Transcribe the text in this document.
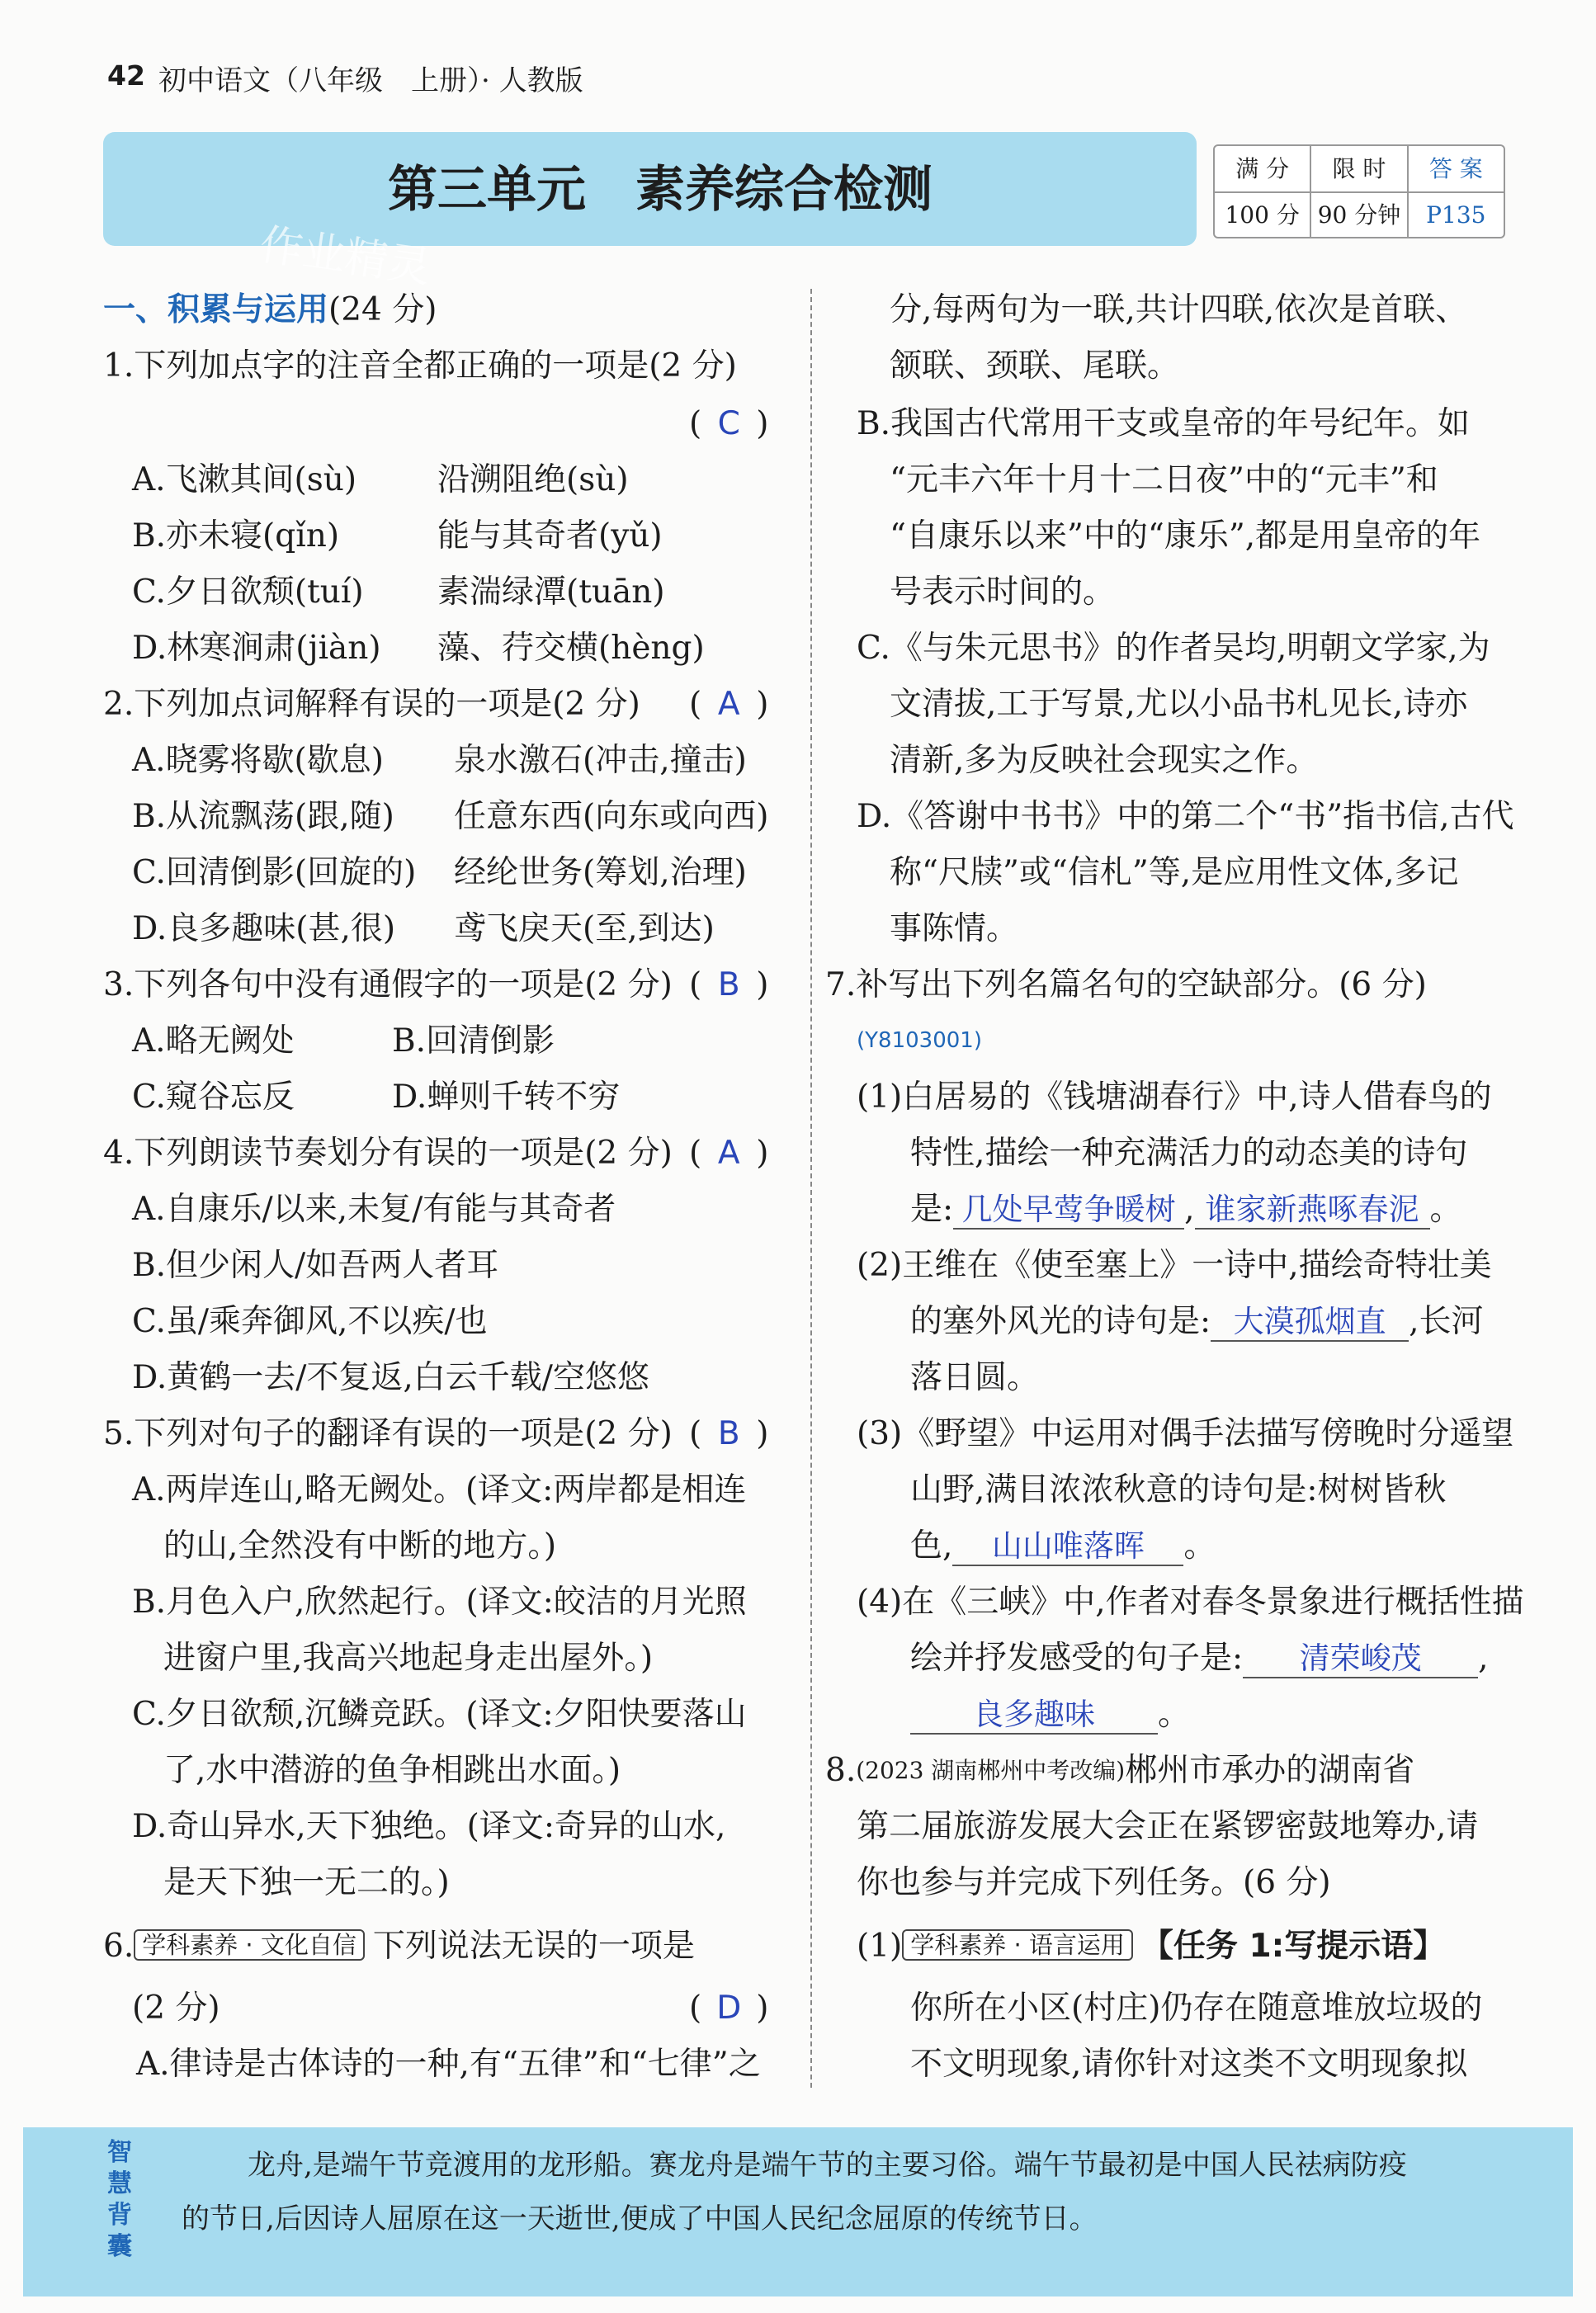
42 初中语文（八年级　上册）· 人教版
作业精灵
第三单元　素养综合检测	满 分	限 时	答 案
100 分 90 分钟	P135
一、积累与运用(24 分)
1.下列加点字的注音全都正确的一项是(2 分)
( C )
A.飞漱其间(sù)	沿溯阻绝(sù)
B.亦未寝(qǐn)	能与其奇者(yǔ)
C.夕日欲颓(tuí) 素湍绿潭(tuān)
D.林寒涧肃(jiàn) 藻、荇交横(hèng)
2.下列加点词解释有误的一项是(2 分) ( A )
A.晓雾将歇(歇息) 泉水激石(冲击,撞击)
B.从流飘荡(跟,随) 任意东西(向东或向西)
C.回清倒影(回旋的) 经纶世务(筹划,治理)
D.良多趣味(甚,很) 鸢飞戾天(至,到达)
3.下列各句中没有通假字的一项是(2 分) ( B )
A.略无阙处	B.回清倒影
C.窥谷忘反	D.蝉则千转不穷
4.下列朗读节奏划分有误的一项是(2 分) ( A )
A.自康乐/以来,未复/有能与其奇者
B.但少闲人/如吾两人者耳
C.虽/乘奔御风,不以疾/也
D.黄鹤一去/不复返,白云千载/空悠悠
5.下列对句子的翻译有误的一项是(2 分) ( B )
A.两岸连山,略无阙处。(译文:两岸都是相连
的山,全然没有中断的地方。)
B.月色入户,欣然起行。(译文:皎洁的月光照
进窗户里,我高兴地起身走出屋外。)
C.夕日欲颓,沉鳞竞跃。(译文:夕阳快要落山
了,水中潜游的鱼争相跳出水面。)
D.奇山异水,天下独绝。(译文:奇异的山水,
是天下独一无二的。)
6. 学科素养 · 文化自信 下列说法无误的一项是
(2 分)	( D )
A.律诗是古体诗的一种,有“五律”和“七律”之
分,每两句为一联,共计四联,依次是首联、
颔联、颈联、尾联。
B.我国古代常用干支或皇帝的年号纪年。如
“元丰六年十月十二日夜”中的“元丰”和
“自康乐以来”中的“康乐”,都是用皇帝的年
号表示时间的。
C.《与朱元思书》的作者吴均,明朝文学家,为
文清拔,工于写景,尤以小品书札见长,诗亦
清新,多为反映社会现实之作。
D.《答谢中书书》中的第二个“书”指书信,古代
称“尺牍”或“信札”等,是应用性文体,多记
事陈情。
7.补写出下列名篇名句的空缺部分。(6 分)
(Y8103001)
(1)白居易的《钱塘湖春行》中,诗人借春鸟的
特性,描绘一种充满活力的动态美的诗句
是: 几处早莺争暖树 , 谁家新燕啄春泥 。
(2)王维在《使至塞上》一诗中,描绘奇特壮美
的塞外风光的诗句是: 大漠孤烟直 ,长河
落日圆。
(3)《野望》中运用对偶手法描写傍晚时分遥望
山野,满目浓浓秋意的诗句是:树树皆秋
色, 山山唯落晖 。
(4)在《三峡》中,作者对春冬景象进行概括性描
绘并抒发感受的句子是: 清荣峻茂 ,
良多趣味 。
8.(2023 湖南郴州中考改编)郴州市承办的湖南省
第二届旅游发展大会正在紧锣密鼓地筹办,请
你也参与并完成下列任务。(6 分)
(1) 学科素养 · 语言运用 【任务 1:写提示语】
你所在小区(村庄)仍存在随意堆放垃圾的
不文明现象,请你针对这类不文明现象拟
智慧背囊
龙舟,是端午节竞渡用的龙形船。赛龙舟是端午节的主要习俗。端午节最初是中国人民祛病防疫
的节日,后因诗人屈原在这一天逝世,便成了中国人民纪念屈原的传统节日。
